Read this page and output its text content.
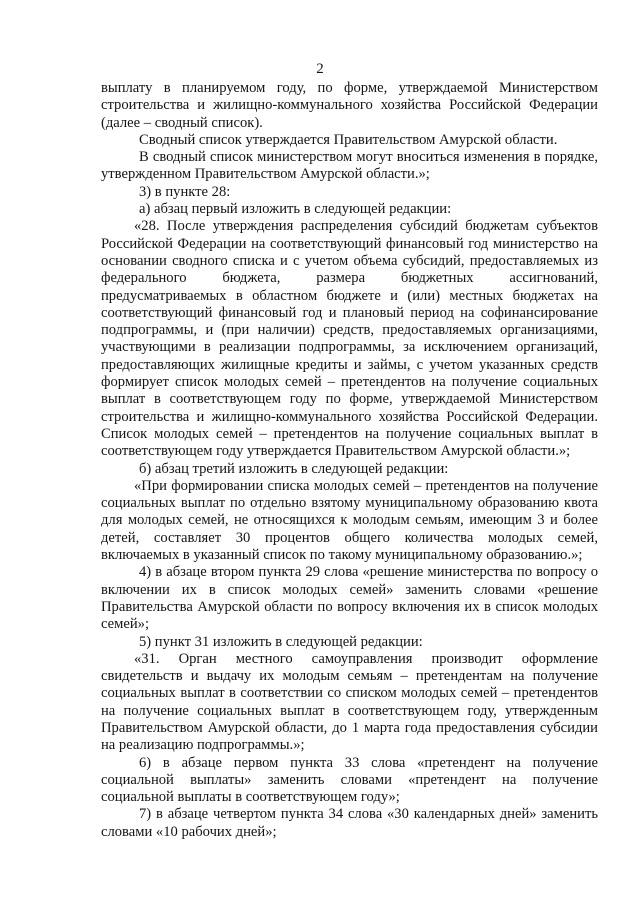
2

выплату в планируемом году, по форме, утверждаемой Министерством строительства и жилищно-коммунального хозяйства Российской Федерации (далее – сводный список).

Сводный список утверждается Правительством Амурской области.

В сводный список министерством могут вноситься изменения в порядке, утвержденном Правительством Амурской области.»;

3) в пункте 28:

а) абзац первый изложить в следующей редакции:

«28. После утверждения распределения субсидий бюджетам субъектов Российской Федерации на соответствующий финансовый год министерство на основании сводного списка и с учетом объема субсидий, предоставляемых из федерального бюджета, размера бюджетных ассигнований, предусматриваемых в областном бюджете и (или) местных бюджетах на соответствующий финансовый год и плановый период на софинансирование подпрограммы, и (при наличии) средств, предоставляемых организациями, участвующими в реализации подпрограммы, за исключением организаций, предоставляющих жилищные кредиты и займы, с учетом указанных средств формирует список молодых семей – претендентов на получение социальных выплат в соответствующем году по форме, утверждаемой Министерством строительства и жилищно-коммунального хозяйства Российской Федерации. Список молодых семей – претендентов на получение социальных выплат в соответствующем году утверждается Правительством Амурской области.»;

б) абзац третий изложить в следующей редакции:

«При формировании списка молодых семей – претендентов на получение социальных выплат по отдельно взятому муниципальному образованию квота для молодых семей, не относящихся к молодым семьям, имеющим 3 и более детей, составляет 30 процентов общего количества молодых семей, включаемых в указанный список по такому муниципальному образованию.»;

4) в абзаце втором пункта 29 слова «решение министерства по вопросу о включении их в список молодых семей» заменить словами «решение Правительства Амурской области по вопросу включения их в список молодых семей»;

5) пункт 31 изложить в следующей редакции:

«31. Орган местного самоуправления производит оформление свидетельств и выдачу их молодым семьям – претендентам на получение социальных выплат в соответствии со списком молодых семей – претендентов на получение социальных выплат в соответствующем году, утвержденным Правительством Амурской области, до 1 марта года предоставления субсидии на реализацию подпрограммы.»;

6) в абзаце первом пункта 33 слова «претендент на получение социальной выплаты» заменить словами «претендент на получение социальной выплаты в соответствующем году»;

7) в абзаце четвертом пункта 34 слова «30 календарных дней» заменить словами «10 рабочих дней»;
